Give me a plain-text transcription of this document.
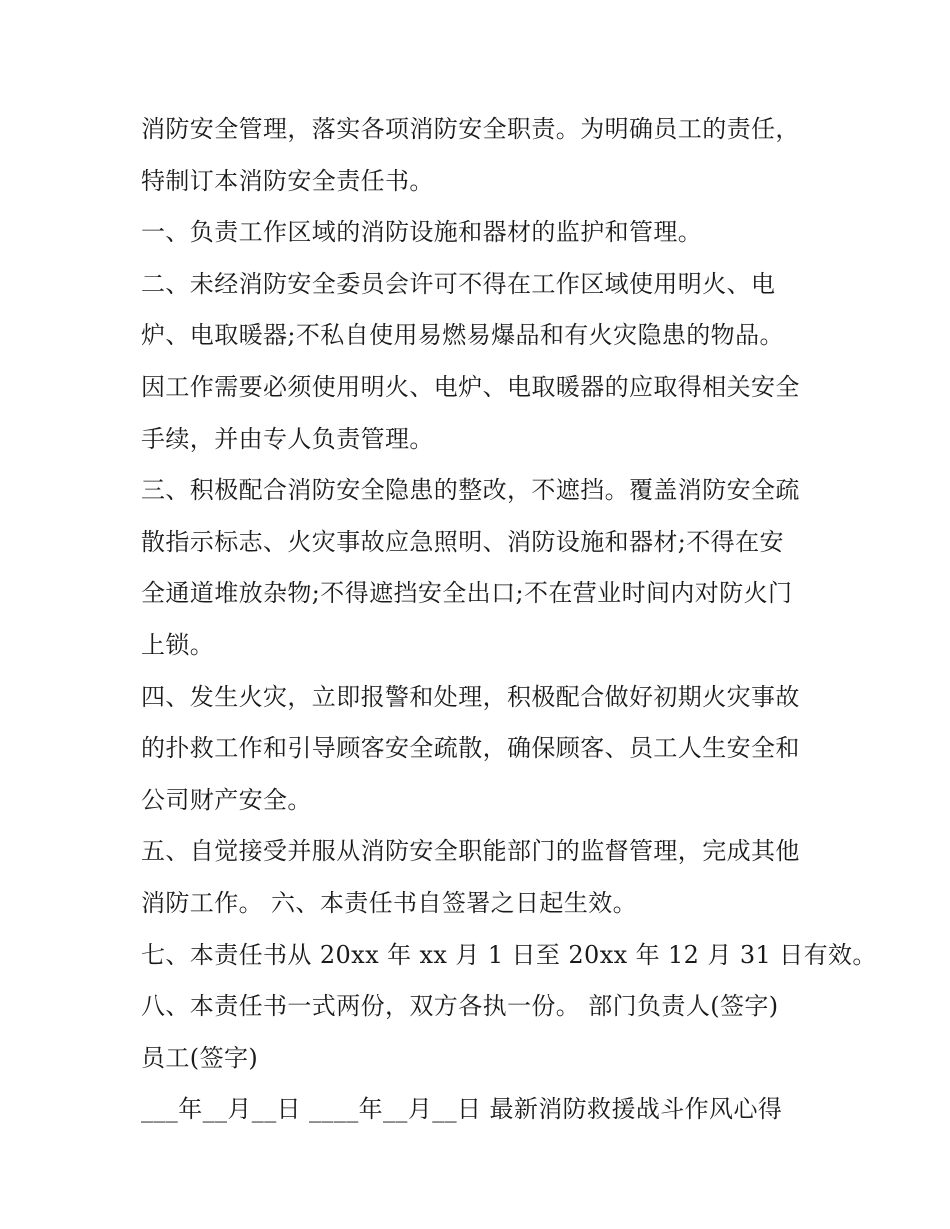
消防安全管理，落实各项消防安全职责。为明确员工的责任，
特制订本消防安全责任书。
一、负责工作区域的消防设施和器材的监护和管理。
二、未经消防安全委员会许可不得在工作区域使用明火、电
炉、电取暖器;不私自使用易燃易爆品和有火灾隐患的物品。
因工作需要必须使用明火、电炉、电取暖器的应取得相关安全
手续，并由专人负责管理。
三、积极配合消防安全隐患的整改，不遮挡。覆盖消防安全疏
散指示标志、火灾事故应急照明、消防设施和器材;不得在安
全通道堆放杂物;不得遮挡安全出口;不在营业时间内对防火门
上锁。
四、发生火灾，立即报警和处理，积极配合做好初期火灾事故
的扑救工作和引导顾客安全疏散，确保顾客、员工人生安全和
公司财产安全。
五、自觉接受并服从消防安全职能部门的监督管理，完成其他
消防工作。 六、本责任书自签署之日起生效。
七、本责任书从 20xx 年 xx 月 1 日至 20xx 年 12 月 31 日有效。
八、本责任书一式两份，双方各执一份。 部门负责人(签字)
员工(签字)
___年__月__日 ____年__月__日 最新消防救援战斗作风心得
